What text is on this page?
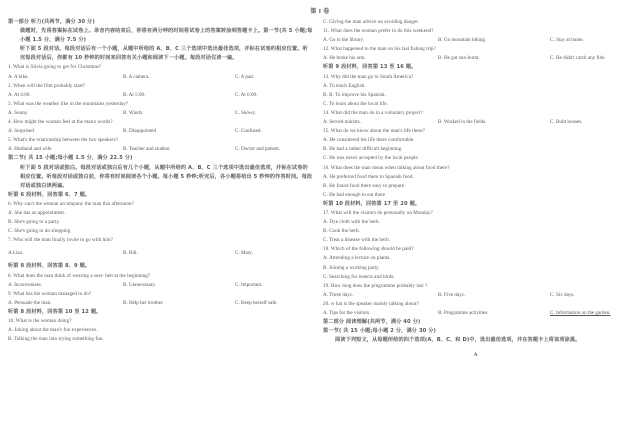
第 I 卷
第一部分 听力(共两节，满分 30 分)
做题时，先将答案标在试卷上。录音内容结束后，你将有两分钟的时间将试卷上的答案转涂到答题卡上。第一节(共 5 小题;每小题 1.5 分，满分 7.5 分)
听下面 5 段对话。每段对话后有一个小题，从题中所给的 A、B、C 三个选项中选出最佳选项，并标在试卷的相应位置。听完每段对话后，你都有 10 秒钟的时间来回答有关小题和阅读下一小题。每段对话仅读一遍。
1. What is Silvia going to get for Christmas?
A. A bike.	B. A camera.	C. A pad.
2. When will the film probably start?
A. At 4:00.	B. At 5:00.	C. At 6:00.
3. What was the weather like in the mountains yesterday?
A. Sunny.	B. Windy.	C. Snowy.
4. How might the woman feel at the man's words?
A. Surprised.	B. Disappointed	C. Confused.
5. What's the relationship between the two speakers?
A. Husband and wife.	B. Teacher and student.	C. Doctor and patient.
第二节( 共 15 小题;每小题 1.5 分，满分 22.5 分)
听下面 5 段对话或独白。每段对话或独白后有几个小题，从题中所给的 A、B、C 三个选项中选出最佳选项，并标在试卷的相应位置。听每段对话或独白前，你将有时间阅读各个小题。每小题 5 秒钟;听完后，各小题将给出 5 秒钟的作答时间。每段对话或独白读两遍。
听第 6 段材料，回答第 6、7 题。
6. Why can't the woman accompany the man this afternoon?
A. She has an appointment.
B. She's going to a party.
C. She's going to do shopping
7. Who will the man finally invite to go with him?
A.Lisa.	B. Bill.	C. Mary.
听第 8 段材料，回答第 8、9 题。
8. What does the man think of wearing a seat- belt at the beginning?
A. Inconvenient.	B. Unnecessary.	C. Important.
9. What has the woman managed to do?
A. Persuade the man.	B. Help her brother.	C. Keep herself safe.
听第 8 段材料，回答第 10 至 12 题。
10. What is the woman doing?
A. Joking about the man's fun experiences.
B. Talking the man into trying something fun.
C. Giving the man advice on avoiding danger.
11. What does the woman prefer to do this weekend?
A. Go to the library.	B. Go mountain biking.	C. Stay at home.
12. What happened to the man on his last fishing trip?
A. He broke his arm.	B. He got sun-burnt.	C. He didn't catch any fish.
听第 9 段材料，回答第 13 至 16 题。
13. Why did the man go to South America?
A. To teach English.
B. B. To improve his Spanish.
C. To learn about the local life.
14. What did the man do in a voluntary project?
A. Served tourists.	B. Worked in the fields.	C. Built houses.
15. What do we know about the man's life there?
A. He considered his life there comfortable.
B. He had a rather difficult beginning
C. He was never accepted by the local people.
16. What does the man mean when talking about food there?
A. He preferred food there to Spanish food.
B. He found food there easy to prepare.
C. He had enough to eat there
听第 10 段材料，回答第 17 至 20 题。
17. What will the visitors do personally on Monday?
A. Dye cloth with the herb.
B. Cook the herb.
C. Treat a disease with the herb.
18. Which of the following should be paid?
A. Attending a lecture on plants.
B. Joining a working party
C. Searching for insects and birds.
19. How long does the programme probably last ?
A. Three days.	B. Five days.	C. Six days.
20. w hat is the speaker mainly talking about?
A. Tips for the visitors.	B. Programme activities.	C. Information on the garden.
第二部分 阅读理解(共两节，满分 40 分)
第一节( 共 15 小题;每小题 2 分，满分 30 分)
阅读下列短文，从每题所给的四个选项(A、B、C、和 D)中，选出最佳选项，并在答题卡上将该项涂黑。
A
